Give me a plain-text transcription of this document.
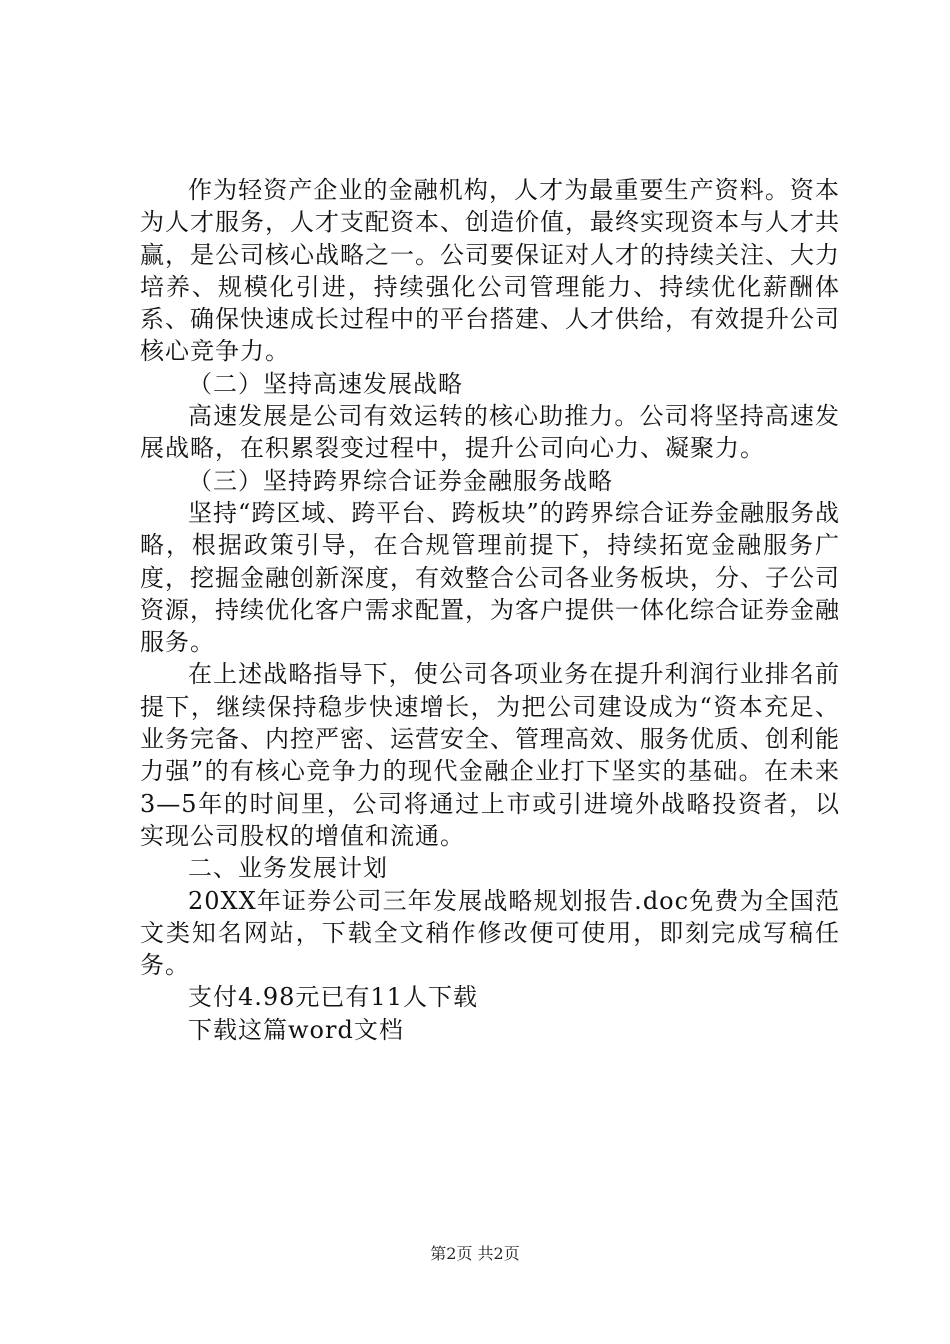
作为轻资产企业的金融机构，人才为最重要生产资料。资本为人才服务，人才支配资本、创造价值，最终实现资本与人才共赢，是公司核心战略之一。公司要保证对人才的持续关注、大力培养、规模化引进，持续强化公司管理能力、持续优化薪酬体系、确保快速成长过程中的平台搭建、人才供给，有效提升公司核心竞争力。

（二）坚持高速发展战略

高速发展是公司有效运转的核心助推力。公司将坚持高速发展战略，在积累裂变过程中，提升公司向心力、凝聚力。

（三）坚持跨界综合证券金融服务战略

坚持“跨区域、跨平台、跨板块”的跨界综合证券金融服务战略，根据政策引导，在合规管理前提下，持续拓宽金融服务广度，挖掘金融创新深度，有效整合公司各业务板块，分、子公司资源，持续优化客户需求配置，为客户提供一体化综合证券金融服务。

在上述战略指导下，使公司各项业务在提升利润行业排名前提下，继续保持稳步快速增长，为把公司建设成为“资本充足、业务完备、内控严密、运营安全、管理高效、服务优质、创利能力强”的有核心竞争力的现代金融企业打下坚实的基础。在未来3—5年的时间里，公司将通过上市或引进境外战略投资者，以实现公司股权的增值和流通。

二、业务发展计划

20XX年证券公司三年发展战略规划报告.doc免费为全国范文类知名网站，下载全文稍作修改便可使用，即刻完成写稿任务。

支付4.98元已有11人下载

下载这篇word文档

第2页 共2页
